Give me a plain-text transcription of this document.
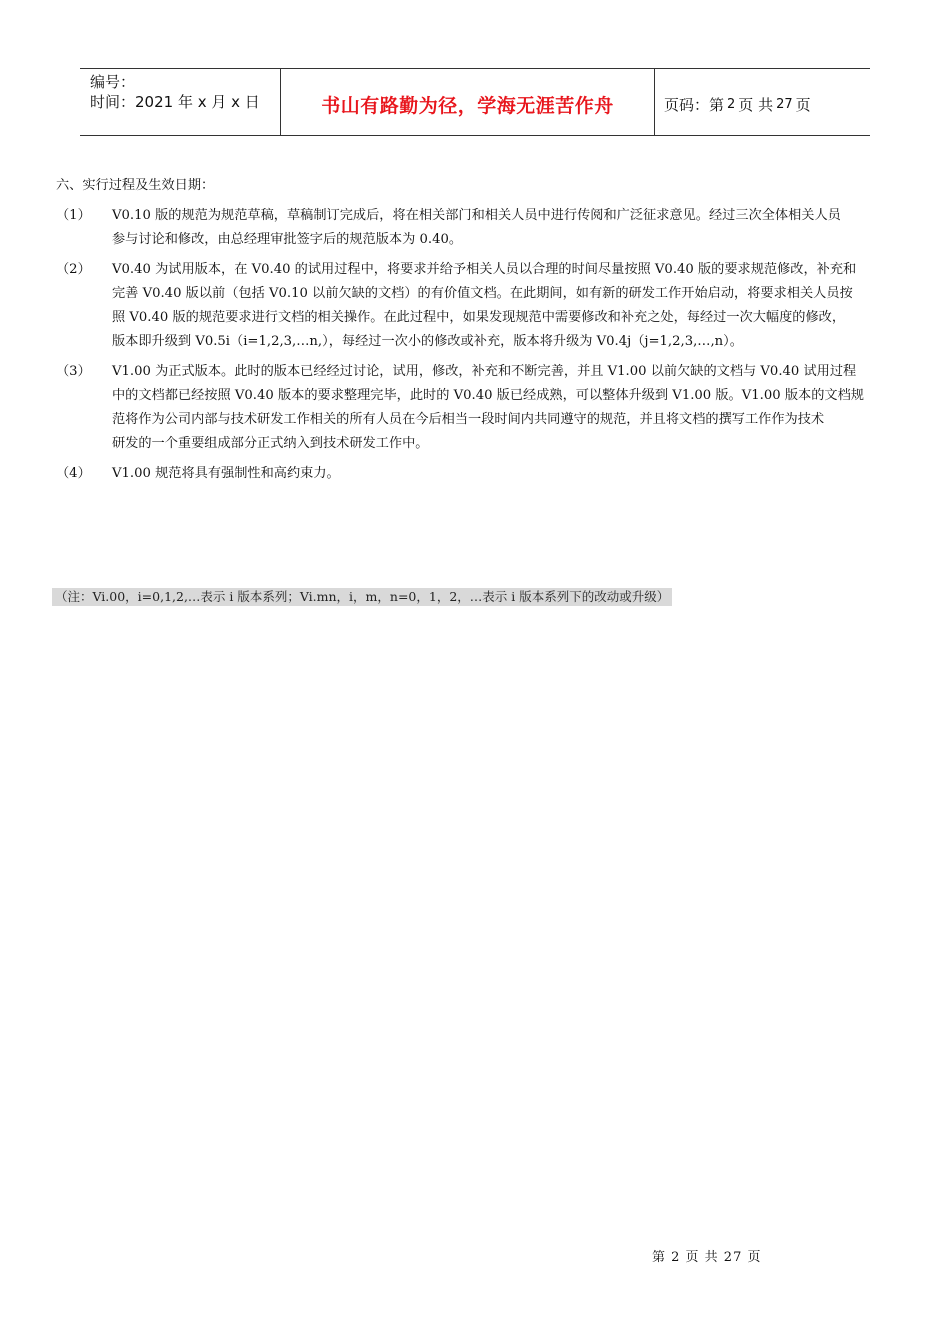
编号：
时间：2021 年 x 月 x 日	书山有路勤为径，学海无涯苦作舟	页码：第 2 页 共 27 页
六、实行过程及生效日期：
（1）	V0.10 版的规范为规范草稿，草稿制订完成后，将在相关部门和相关人员中进行传阅和广泛征求意见。经过三次全体相关人员
参与讨论和修改，由总经理审批签字后的规范版本为 0.40。
（2）	V0.40 为试用版本，在 V0.40 的试用过程中，将要求并给予相关人员以合理的时间尽量按照 V0.40 版的要求规范修改，补充和
完善 V0.40 版以前（包括 V0.10 以前欠缺的文档）的有价值文档。在此期间，如有新的研发工作开始启动，将要求相关人员按
照 V0.40 版的规范要求进行文档的相关操作。在此过程中，如果发现规范中需要修改和补充之处，每经过一次大幅度的修改，
版本即升级到 V0.5i（i=1,2,3,…n,），每经过一次小的修改或补充，版本将升级为 V0.4j（j=1,2,3,…,n）。
（3）	V1.00 为正式版本。此时的版本已经经过讨论，试用，修改，补充和不断完善，并且 V1.00 以前欠缺的文档与 V0.40 试用过程
中的文档都已经按照 V0.40 版本的要求整理完毕，此时的 V0.40 版已经成熟，可以整体升级到 V1.00 版。V1.00 版本的文档规
范将作为公司内部与技术研发工作相关的所有人员在今后相当一段时间内共同遵守的规范，并且将文档的撰写工作作为技术
研发的一个重要组成部分正式纳入到技术研发工作中。
（4）	V1.00 规范将具有强制性和高约束力。
（注：Vi.00，i=0,1,2,…表示 i 版本系列；Vi.mn，i，m，n=0，1，2，…表示 i 版本系列下的改动或升级）
第 2 页 共 27 页
